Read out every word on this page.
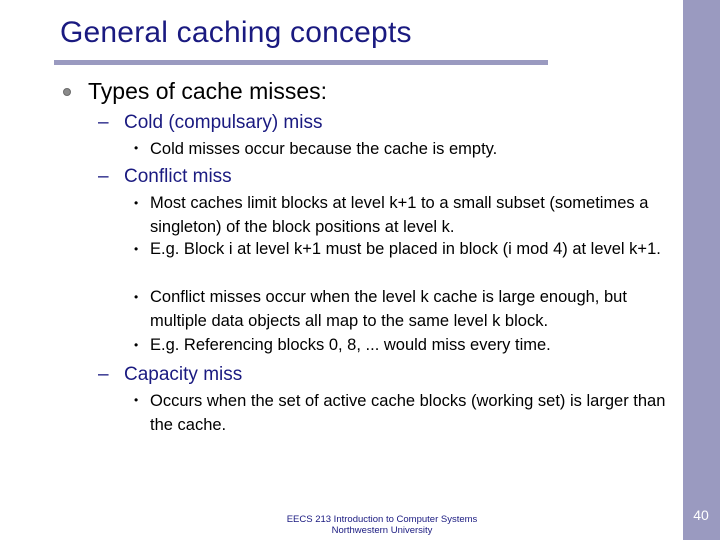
40
General caching concepts
Types of cache misses:
– Cold (compulsary) miss
• Cold misses occur because the cache is empty.
– Conflict miss
• Most caches limit blocks at level k+1 to a small subset (sometimes a singleton) of the block positions at level k.
• E.g. Block i at level k+1 must be placed in block (i mod 4) at level k+1.
• Conflict misses occur when the level k cache is large enough, but multiple data objects all map to the same level k block.
• E.g. Referencing blocks 0, 8, ... would miss every time.
– Capacity miss
• Occurs when the set of active cache blocks (working set) is larger than the cache.
EECS 213 Introduction to Computer Systems
Northwestern University
